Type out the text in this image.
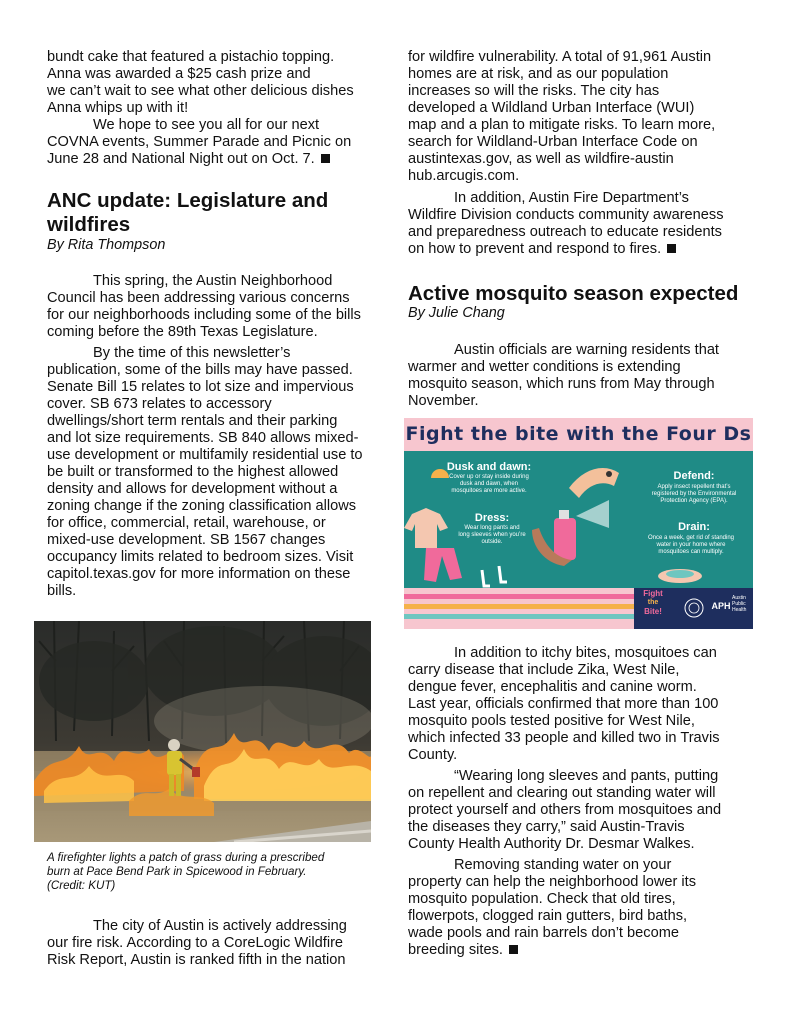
bundt cake that featured a pistachio topping.
Anna was awarded a $25 cash prize and
we can’t wait to see what other delicious dishes
Anna whips up with it!
We hope to see you all for our next
COVNA events, Summer Parade and Picnic on
June 28 and National Night out on Oct. 7.
ANC update: Legislature and
wildfires
By Rita Thompson
This spring, the Austin Neighborhood
Council has been addressing various concerns
for our neighborhoods including some of the bills
coming before the 89th Texas Legislature.
By the time of this newsletter’s
publication, some of the bills may have passed.
Senate Bill 15 relates to lot size and impervious
cover. SB 673 relates to accessory
dwellings/short term rentals and their parking
and lot size requirements. SB 840 allows mixed-
use development or multifamily residential use to
be built or transformed to the highest allowed
density and allows for development without a
zoning change if the zoning classification allows
for office, commercial, retail, warehouse, or
mixed-use development. SB 1567 changes
occupancy limits related to bedroom sizes. Visit
capitol.texas.gov for more information on these
bills.
A firefighter lights a patch of grass during a prescribed
burn at Pace Bend Park in Spicewood in February.
(Credit: KUT)
The city of Austin is actively addressing
our fire risk. According to a CoreLogic Wildfire
Risk Report, Austin is ranked fifth in the nation
for wildfire vulnerability. A total of 91,961 Austin
homes are at risk, and as our population
increases so will the risks. The city has
developed a Wildland Urban Interface (WUI)
map and a plan to mitigate risks. To learn more,
search for Wildland-Urban Interface Code on
austintexas.gov, as well as wildfire-austin
hub.arcugis.com.
In addition, Austin Fire Department’s
Wildfire Division conducts community awareness
and preparedness outreach to educate residents
on how to prevent and respond to fires.
Active mosquito season expected
By Julie Chang
Austin officials are warning residents that
warmer and wetter conditions is extending
mosquito season, which runs from May through
November.
Fight the bite with the Four Ds
Dusk and dawn:
Cover up or stay inside during
dusk and dawn, when
mosquitoes are more active.
Dress:
Wear long pants and
long sleeves when you’re
outside.
Defend:
Apply insect repellent that’s
registered by the Environmental
Protection Agency (EPA).
Drain:
Once a week, get rid of standing
water in your home where
mosquitoes can multiply.
Fight
the
Bite!
APH
Austin
Public
Health
In addition to itchy bites, mosquitoes can
carry disease that include Zika, West Nile,
dengue fever, encephalitis and canine worm.
Last year, officials confirmed that more than 100
mosquito pools tested positive for West Nile,
which infected 33 people and killed two in Travis
County.
“Wearing long sleeves and pants, putting
on repellent and clearing out standing water will
protect yourself and others from mosquitoes and
the diseases they carry,” said Austin-Travis
County Health Authority Dr. Desmar Walkes.
Removing standing water on your
property can help the neighborhood lower its
mosquito population. Check that old tires,
flowerpots, clogged rain gutters, bird baths,
wade pools and rain barrels don’t become
breeding sites.
